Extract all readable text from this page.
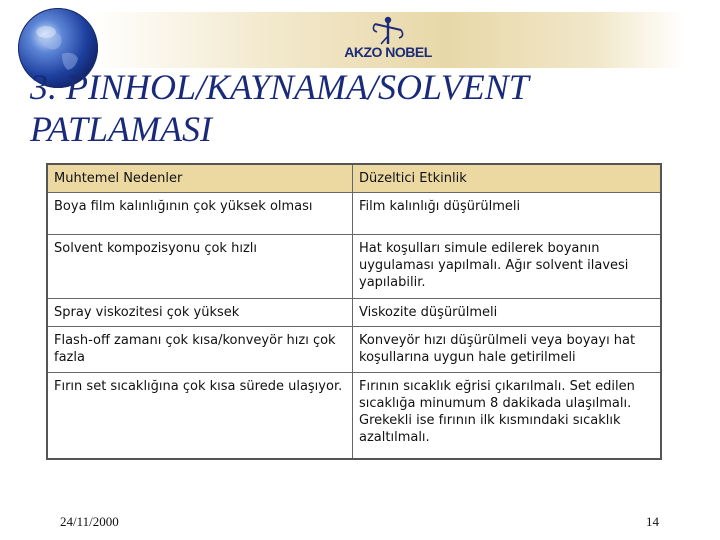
AKZO NOBEL
3. PINHOL/KAYNAMA/SOLVENT PATLAMASI
Muhtemel Nedenler	Düzeltici Etkinlik
Boya film kalınlığının çok yüksek olması	Film kalınlığı düşürülmeli
Solvent kompozisyonu çok hızlı	Hat koşulları simule edilerek boyanın uygulaması yapılmalı. Ağır solvent ilavesi yapılabilir.
Spray viskozitesi çok yüksek	Viskozite düşürülmeli
Flash-off zamanı çok kısa/konveyör hızı çok fazla	Konveyör hızı düşürülmeli veya boyayı hat koşullarına uygun hale getirilmeli
Fırın set sıcaklığına çok kısa sürede ulaşıyor.	Fırının sıcaklık eğrisi çıkarılmalı. Set edilen sıcaklığa minumum 8 dakikada ulaşılmalı. Grekekli ise fırının ilk kısmındaki sıcaklık azaltılmalı.
24/11/2000	14
